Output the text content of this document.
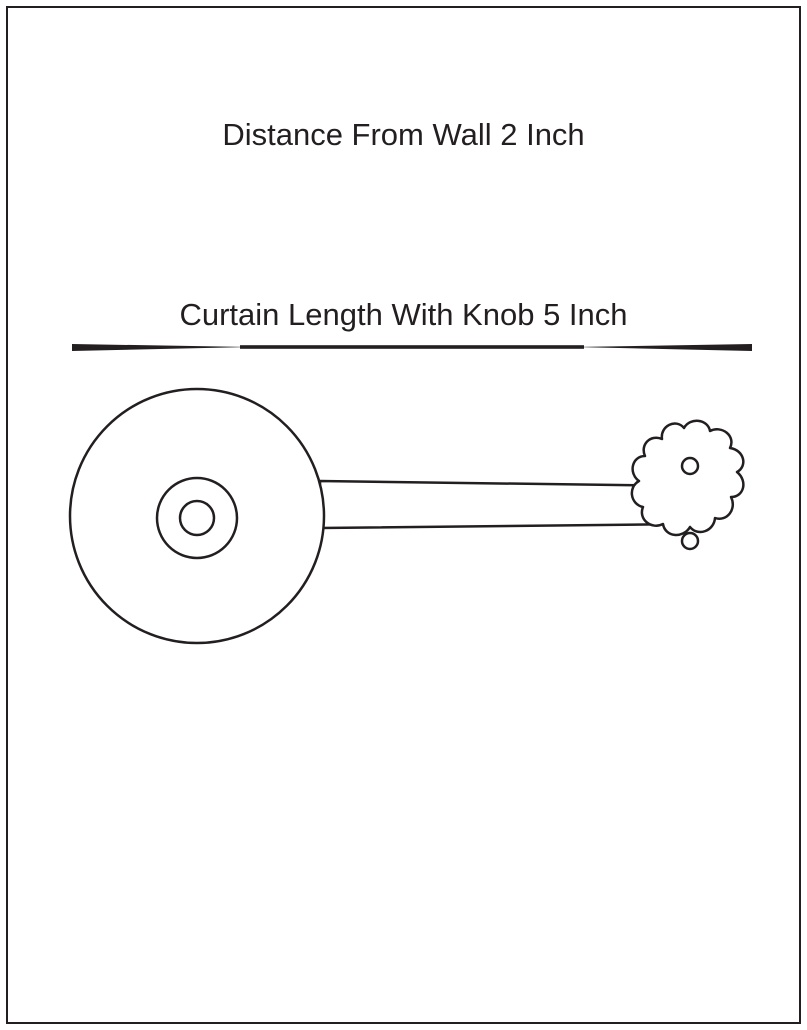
Distance From Wall 2 Inch
Curtain Length With Knob 5 Inch
